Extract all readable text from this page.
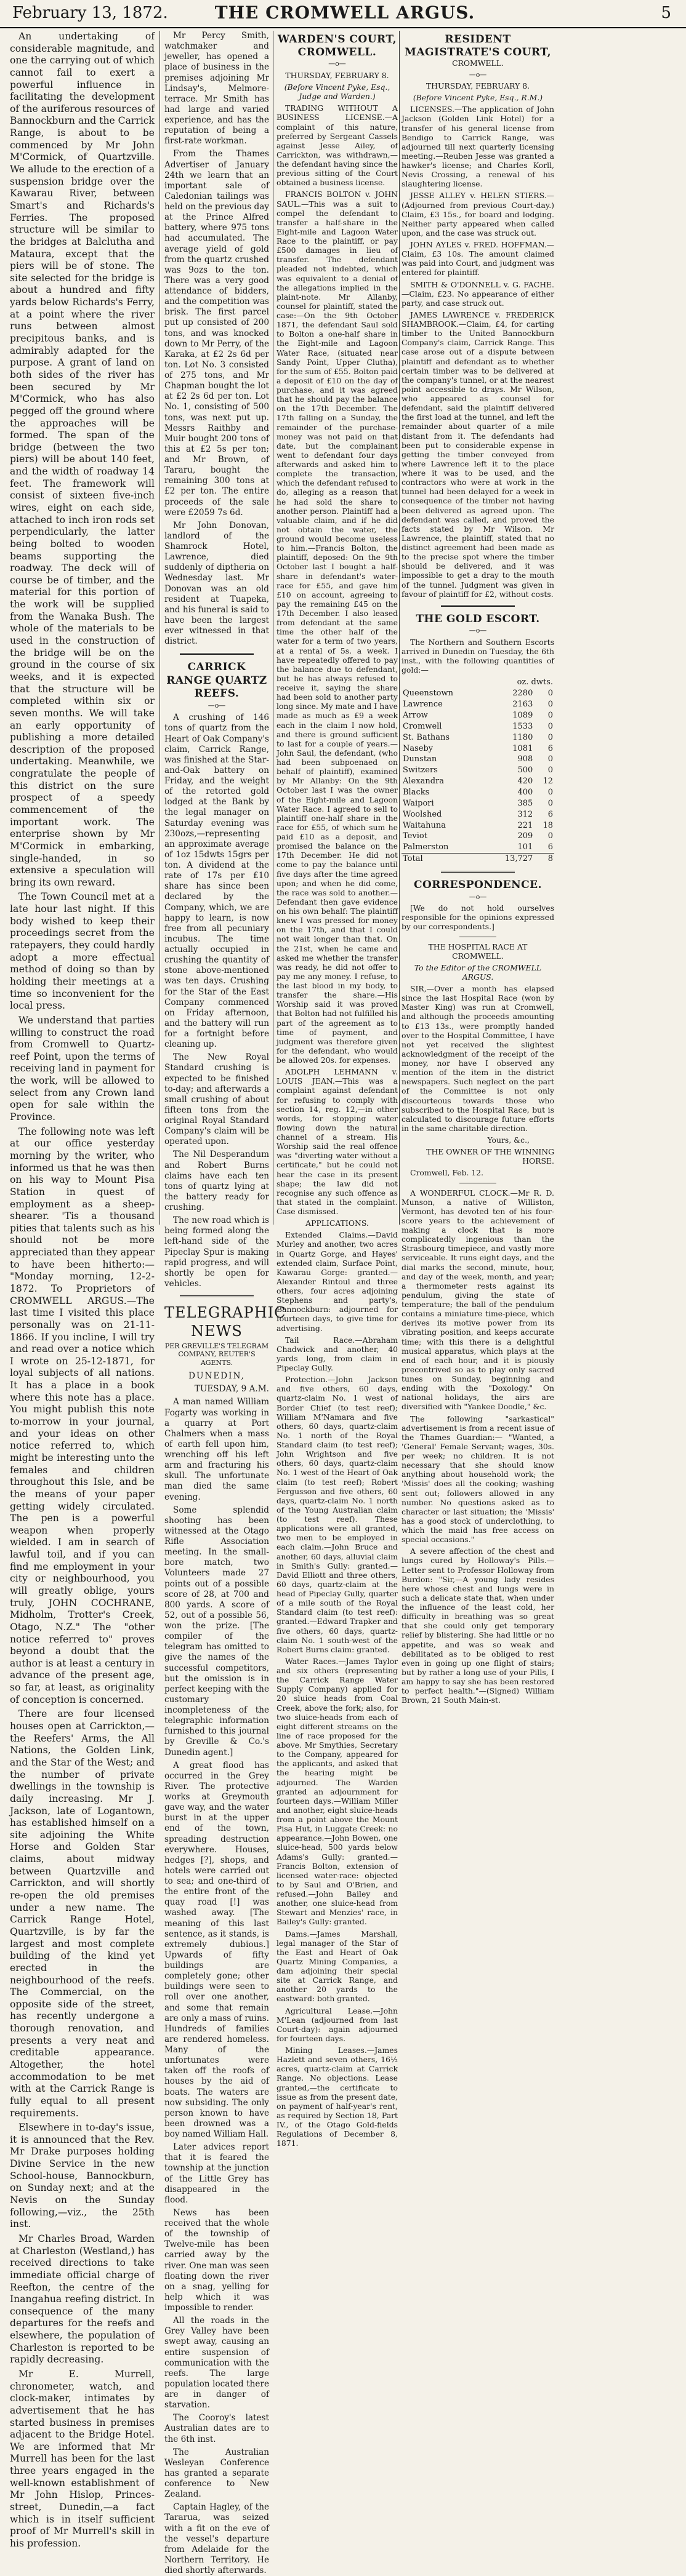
February 13, 1872.	THE CROMWELL ARGUS.	5

An undertaking of considerable magnitude, and one the carrying out of which cannot fail to exert a powerful influence in facilitating the development of the auriferous resources of Bannockburn and the Carrick Range, is about to be commenced by Mr John M'Cormick, of Quartzville. We allude to the erection of a suspension bridge over the Kawarau River, between Smart's and Richards's Ferries. The proposed structure will be similar to the bridges at Balclutha and Mataura, except that the piers will be of stone. The site selected for the bridge is about a hundred and fifty yards below Richards's Ferry, at a point where the river runs between almost precipitous banks, and is admirably adapted for the purpose. A grant of land on both sides of the river has been secured by Mr M'Cormick, who has also pegged off the ground where the approaches will be formed. The span of the bridge (between the two piers) will be about 140 feet, and the width of roadway 14 feet. The framework will consist of sixteen five-inch wires, eight on each side, attached to inch iron rods set perpendicularly, the latter being bolted to wooden beams supporting the roadway. The deck will of course be of timber, and the material for this portion of the work will be supplied from the Wanaka Bush. The whole of the materials to be used in the construction of the bridge will be on the ground in the course of six weeks, and it is expected that the structure will be completed within six or seven months. We will take an early opportunity of publishing a more detailed description of the proposed undertaking. Meanwhile, we congratulate the people of this district on the sure prospect of a speedy commencement of the important work. The enterprise shown by Mr M'Cormick in embarking, single-handed, in so extensive a speculation will bring its own reward.

The Town Council met at a late hour last night. If this body wished to keep their proceedings secret from the ratepayers, they could hardly adopt a more effectual method of doing so than by holding their meetings at a time so inconvenient for the local press.

We understand that parties willing to construct the road from Cromwell to Quartz-reef Point, upon the terms of receiving land in payment for the work, will be allowed to select from any Crown land open for sale within the Province.

The following note was left at our office yesterday morning by the writer, who informed us that he was then on his way to Mount Pisa Station in quest of employment as a sheep-shearer. 'Tis a thousand pities that talents such as his should not be more appreciated than they appear to have been hitherto:— "Monday morning, 12-2-1872. To Proprietors of CROMWELL ARGUS.—The last time I visited this place personally was on 21-11-1866. If you incline, I will try and read over a notice which I wrote on 25-12-1871, for loyal subjects of all nations. It has a place in a book where this note has a place. You might publish this note to-morrow in your journal, and your ideas on other notice referred to, which might be interesting unto the females and children throughout this Isle, and be the means of your paper getting widely circulated. The pen is a powerful weapon when properly wielded. I am in search of lawful toil, and if you can find me employment in your city or neighbourhood, you will greatly oblige, yours truly, JOHN COCHRANE, Midholm, Trotter's Creek, Otago, N.Z." The "other notice referred to" proves beyond a doubt that the author is at least a century in advance of the present age, so far, at least, as originality of conception is concerned.

There are four licensed houses open at Carrickton,—the Reefers' Arms, the All Nations, the Golden Link, and the Star of the West; and the number of private dwellings in the township is daily increasing. Mr J. Jackson, late of Logantown, has established himself on a site adjoining the White Horse and Golden Star claims, about midway between Quartzville and Carrickton, and will shortly re-open the old premises under a new name. The Carrick Range Hotel, Quartzville, is by far the largest and most complete building of the kind yet erected in the neighbourhood of the reefs. The Commercial, on the opposite side of the street, has recently undergone a thorough renovation, and presents a very neat and creditable appearance. Altogether, the hotel accommodation to be met with at the Carrick Range is fully equal to all present requirements.

Elsewhere in to-day's issue, it is announced that the Rev. Mr Drake purposes holding Divine Service in the new School-house, Bannockburn, on Sunday next; and at the Nevis on the Sunday following,—viz., the 25th inst.

Mr Charles Broad, Warden at Charleston (Westland,) has received directions to take immediate official charge of Reefton, the centre of the Inangahua reefing district. In consequence of the many departures for the reefs and elsewhere, the population of Charleston is reported to be rapidly decreasing.

Mr E. Murrell, chronometer, watch, and clock-maker, intimates by advertisement that he has started business in premises adjacent to the Bridge Hotel. We are informed that Mr Murrell has been for the last three years engaged in the well-known establishment of Mr John Hislop, Princes-street, Dunedin,—a fact which is in itself sufficient proof of Mr Murrell's skill in his profession.

Mr Percy Smith, watchmaker and jeweller, has opened a place of business in the premises adjoining Mr Lindsay's, Melmore-terrace. Mr Smith has had large and varied experience, and has the reputation of being a first-rate workman.

From the Thames Advertiser of January 24th we learn that an important sale of Caledonian tailings was held on the previous day at the Prince Alfred battery, where 975 tons had accumulated. The average yield of gold from the quartz crushed was 9ozs to the ton. There was a very good attendance of bidders, and the competition was brisk. The first parcel put up consisted of 200 tons, and was knocked down to Mr Perry, of the Karaka, at £2 2s 6d per ton. Lot No. 3 consisted of 275 tons, and Mr Chapman bought the lot at £2 2s 6d per ton. Lot No. 1, consisting of 500 tons, was next put up. Messrs Raithby and Muir bought 200 tons of this at £2 5s per ton; and Mr Brown, of Tararu, bought the remaining 300 tons at £2 per ton. The entire proceeds of the sale were £2059 7s 6d.

Mr John Donovan, landlord of the Shamrock Hotel, Lawrence, died suddenly of diptheria on Wednesday last. Mr Donovan was an old resident at Tuapeka, and his funeral is said to have been the largest ever witnessed in that district.

CARRICK RANGE QUARTZ REEFS.

—o—

A crushing of 146 tons of quartz from the Heart of Oak Company's claim, Carrick Range, was finished at the Star-and-Oak battery on Friday, and the weight of the retorted gold lodged at the Bank by the legal manager on Saturday evening was 230ozs,—representing an approximate average of 1oz 15dwts 15grs per ton. A dividend at the rate of 17s per £10 share has since been declared by the Company, which, we are happy to learn, is now free from all pecuniary incubus. The time actually occupied in crushing the quantity of stone above-mentioned was ten days. Crushing for the Star of the East Company commenced on Friday afternoon, and the battery will run for a fortnight before cleaning up.

The New Royal Standard crushing is expected to be finished to-day; and afterwards a small crushing of about fifteen tons from the original Royal Standard Company's claim will be operated upon.

The Nil Desperandum and Robert Burns claims have each ten tons of quartz lying at the battery ready for crushing.

The new road which is being formed along the left-hand side of the Pipeclay Spur is making rapid progress, and will shortly be open for vehicles.

TELEGRAPHIC NEWS

PER GREVILLE'S TELEGRAM COMPANY, REUTER'S AGENTS.

DUNEDIN,

TUESDAY, 9 A.M.

A man named William Fogarty was working in a quarry at Port Chalmers when a mass of earth fell upon him, wrenching off his left arm and fracturing his skull. The unfortunate man died the same evening.

Some splendid shooting has been witnessed at the Otago Rifle Association meeting. In the small-bore match, two Volunteers made 27 points out of a possible score of 28, at 700 and 800 yards. A score of 52, out of a possible 56, won the prize. [The compiler of the telegram has omitted to give the names of the successful competitors, but the omission is in perfect keeping with the customary incompleteness of the telegraphic information furnished to this journal by Greville & Co.'s Dunedin agent.]

A great flood has occurred in the Grey River. The protective works at Greymouth gave way, and the water burst in at the upper end of the town, spreading destruction everywhere. Houses, hedges [?], shops, and hotels were carried out to sea; and one-third of the entire front of the quay road [!] was washed away. [The meaning of this last sentence, as it stands, is extremely dubious.] Upwards of fifty buildings are completely gone; other buildings were seen to roll over one another, and some that remain are only a mass of ruins. Hundreds of families are rendered homeless. Many of the unfortunates were taken off the roofs of houses by the aid of boats. The waters are now subsiding. The only person known to have been drowned was a boy named William Hall.

Later advices report that it is feared the township at the junction of the Little Grey has disappeared in the flood.

News has been received that the whole of the township of Twelve-mile has been carried away by the river. One man was seen floating down the river on a snag, yelling for help which it was impossible to render.

All the roads in the Grey Valley have been swept away, causing an entire suspension of communication with the reefs. The large population located there are in danger of starvation.

The Cooroy's latest Australian dates are to the 6th inst.

The Australian Wesleyan Conference has granted a separate conference to New Zealand.

Captain Hagley, of the Tararua, was seized with a fit on the eve of the vessel's departure from Adelaide for the Northern Territory. He died shortly afterwards.

WARDEN'S COURT, CROMWELL.

—o—

THURSDAY, FEBRUARY 8.

(Before Vincent Pyke, Esq., Judge and Warden.)

TRADING WITHOUT A BUSINESS LICENSE.—A complaint of this nature, preferred by Sergeant Cassels against Jesse Ailey, of Carrickton, was withdrawn,—the defendant having since the previous sitting of the Court obtained a business license.

FRANCIS BOLTON v. JOHN SAUL.—This was a suit to compel the defendant to transfer a half-share in the Eight-mile and Lagoon Water Race to the plaintiff, or pay £500 damages in lieu of transfer. The defendant pleaded not indebted, which was equivalent to a denial of the allegations implied in the plaint-note. Mr Allanby, counsel for plaintiff, stated the case:—On the 9th October 1871, the defendant Saul sold to Bolton a one-half share in the Eight-mile and Lagoon Water Race, (situated near Sandy Point, Upper Clutha), for the sum of £55. Bolton paid a deposit of £10 on the day of purchase, and it was agreed that he should pay the balance on the 17th December. The 17th falling on a Sunday, the remainder of the purchase-money was not paid on that date, but the complainant went to defendant four days afterwards and asked him to complete the transaction, which the defendant refused to do, alleging as a reason that he had sold the share to another person. Plaintiff had a valuable claim, and if he did not obtain the water, the ground would become useless to him.—Francis Bolton, the plaintiff, deposed: On the 9th October last I bought a half-share in defendant's water-race for £55, and gave him £10 on account, agreeing to pay the remaining £45 on the 17th December. I also leased from defendant at the same time the other half of the water for a term of two years, at a rental of 5s. a week. I have repeatedly offered to pay the balance due to defendant, but he has always refused to receive it, saying the share had been sold to another party long since. My mate and I have made as much as £9 a week each in the claim I now hold, and there is ground sufficient to last for a couple of years.—John Saul, the defendant, (who had been subpoenaed on behalf of plaintiff), examined by Mr Allanby: On the 9th October last I was the owner of the Eight-mile and Lagoon Water Race. I agreed to sell to plaintiff one-half share in the race for £55, of which sum he paid £10 as a deposit, and promised the balance on the 17th December. He did not come to pay the balance until five days after the time agreed upon; and when he did come, the race was sold to another.—Defendant then gave evidence on his own behalf: The plaintiff knew I was pressed for money on the 17th, and that I could not wait longer than that. On the 21st, when he came and asked me whether the transfer was ready, he did not offer to pay me any money. I refuse, to the last blood in my body, to transfer the share.—His Worship said it was proved that Bolton had not fulfilled his part of the agreement as to time of payment, and judgment was therefore given for the defendant, who would be allowed 20s. for expenses.

ADOLPH LEHMANN v. LOUIS JEAN.—This was a complaint against defendant for refusing to comply with section 14, reg. 12,—in other words, for stopping water flowing down the natural channel of a stream. His Worship said the real offence was "diverting water without a certificate," but he could not hear the case in its present shape; the law did not recognise any such offence as that stated in the complaint. Case dismissed.

APPLICATIONS.

Extended Claims.—David Murley and another, two acres in Quartz Gorge, and Hayes' extended claim, Surface Point, Kawarau Gorge: granted.—Alexander Rintoul and three others, four acres adjoining Stephens and party's, Bannockburn: adjourned for fourteen days, to give time for advertising.

Tail Race.—Abraham Chadwick and another, 40 yards long, from claim in Pipeclay Gully.

Protection.—John Jackson and five others, 60 days, quartz-claim No. 1 west of Border Chief (to test reef); William M'Namara and five others, 60 days, quartz-claim No. 1 north of the Royal Standard claim (to test reef); John Wrightson and five others, 60 days, quartz-claim No. 1 west of the Heart of Oak claim (to test reef); Robert Fergusson and five others, 60 days, quartz-claim No. 1 north of the Young Australian claim (to test reef). These applications were all granted, two men to be employed in each claim.—John Bruce and another, 60 days, alluvial claim in Smith's Gully: granted.—David Elliott and three others, 60 days, quartz-claim at the head of Pipeclay Gully, quarter of a mile south of the Royal Standard claim (to test reef): granted.—Edward Trapker and five others, 60 days, quartz-claim No. 1 south-west of the Robert Burns claim: granted.

Water Races.—James Taylor and six others (representing the Carrick Range Water Supply Company) applied for 20 sluice heads from Coal Creek, above the fork; also, for two sluice-heads from each of eight different streams on the line of race proposed for the above. Mr Smythies, Secretary to the Company, appeared for the applicants, and asked that the hearing might be adjourned. The Warden granted an adjournment for fourteen days.—William Miller and another, eight sluice-heads from a point above the Mount Pisa Hut, in Luggate Creek: no appearance.—John Bowen, one sluice-head, 500 yards below Adams's Gully: granted.—Francis Bolton, extension of licensed water-race: objected to by Saul and O'Brien, and refused.—John Bailey and another, one sluice-head from Stewart and Menzies' race, in Bailey's Gully: granted.

Dams.—James Marshall, legal manager of the Star of the East and Heart of Oak Quartz Mining Companies, a dam adjoining their special site at Carrick Range, and another 20 yards to the eastward: both granted.

Agricultural Lease.—John M'Lean (adjourned from last Court-day): again adjourned for fourteen days.

Mining Leases.—James Hazlett and seven others, 16½ acres, quartz-claim at Carrick Range. No objections. Lease granted,—the certificate to issue as from the present date, on payment of half-year's rent, as required by Section 18, Part IV., of the Otago Gold-fields Regulations of December 8, 1871.

RESIDENT MAGISTRATE'S COURT,

CROMWELL.

—o—

THURSDAY, FEBRUARY 8.

(Before Vincent Pyke, Esq., R.M.)

LICENSES.—The application of John Jackson (Golden Link Hotel) for a transfer of his general license from Bendigo to Carrick Range, was adjourned till next quarterly licensing meeting.—Reuben Jesse was granted a hawker's license; and Charles Korll, Nevis Crossing, a renewal of his slaughtering license.

JESSE ALLEY v. HELEN STIERS.—(Adjourned from previous Court-day.) Claim, £3 15s., for board and lodging. Neither party appeared when called upon, and the case was struck out.

JOHN AYLES v. FRED. HOFFMAN.—Claim, £3 10s. The amount claimed was paid into Court, and judgment was entered for plaintiff.

SMITH & O'DONNELL v. G. FACHE.—Claim, £23. No appearance of either party, and case struck out.

JAMES LAWRENCE v. FREDERICK SHAMBROOK.—Claim, £4, for carting timber to the United Bannockburn Company's claim, Carrick Range. This case arose out of a dispute between plaintiff and defendant as to whether certain timber was to be delivered at the company's tunnel, or at the nearest point accessible to drays. Mr Wilson, who appeared as counsel for defendant, said the plaintiff delivered the first load at the tunnel, and left the remainder about quarter of a mile distant from it. The defendants had been put to considerable expense in getting the timber conveyed from where Lawrence left it to the place where it was to be used, and the contractors who were at work in the tunnel had been delayed for a week in consequence of the timber not having been delivered as agreed upon. The defendant was called, and proved the facts stated by Mr Wilson. Mr Lawrence, the plaintiff, stated that no distinct agreement had been made as to the precise spot where the timber should be delivered, and it was impossible to get a dray to the mouth of the tunnel. Judgment was given in favour of plaintiff for £2, without costs.

THE GOLD ESCORT.

—o—

The Northern and Southern Escorts arrived in Dunedin on Tuesday, the 6th inst., with the following quantities of gold:—

	oz. dwts.	
Queenstown	2280	0
Lawrence	2163	0
Arrow	1089	0
Cromwell	1533	0
St. Bathans	1180	0
Naseby	1081	6
Dunstan	908	0
Switzers	500	0
Alexandra	420	12
Blacks	400	0
Waipori	385	0
Woolshed	312	6
Waitahuna	221	18
Teviot	209	0
Palmerston	101	6
Total	13,727	8

CORRESPONDENCE.

—o—

[We do not hold ourselves responsible for the opinions expressed by our correspondents.]

THE HOSPITAL RACE AT CROMWELL.

To the Editor of the CROMWELL ARGUS.

SIR,—Over a month has elapsed since the last Hospital Race (won by Master King) was run at Cromwell, and although the proceeds amounting to £13 13s., were promptly handed over to the Hospital Committee, I have not yet received the slightest acknowledgment of the receipt of the money, nor have I observed any mention of the item in the district newspapers. Such neglect on the part of the Committee is not only discourteous towards those who subscribed to the Hospital Race, but is calculated to discourage future efforts in the same charitable direction.

Yours, &c.,

THE OWNER OF THE WINNING HORSE.

Cromwell, Feb. 12.

A WONDERFUL CLOCK.—Mr R. D. Munson, a native of Williston, Vermont, has devoted ten of his four-score years to the achievement of making a clock that is more complicatedly ingenious than the Strasbourg timepiece, and vastly more serviceable. It runs eight days, and the dial marks the second, minute, hour, and day of the week, month, and year; a thermometer rests against its pendulum, giving the state of temperature; the ball of the pendulum contains a miniature time-piece, which derives its motive power from its vibrating position, and keeps accurate time; with this there is a delightful musical apparatus, which plays at the end of each hour, and it is piously precontrived so as to play only sacred tunes on Sunday, beginning and ending with the "Doxology." On national holidays, the airs are diversified with "Yankee Doodle," &c.

The following "sarkastical" advertisement is from a recent issue of the Thames Guardian:— "Wanted, a 'General' Female Servant; wages, 30s. per week; no children. It is not necessary that she should know anything about household work; the 'Missis' does all the cooking; washing sent out; followers allowed in any number. No questions asked as to character or last situation; the 'Missis' has a good stock of underclothing, to which the maid has free access on special occasions."

A severe affection of the chest and lungs cured by Holloway's Pills.—Letter sent to Professor Holloway from Burdon: "Sir,—A young lady resides here whose chest and lungs were in such a delicate state that, when under the influence of the least cold, her difficulty in breathing was so great that she could only get temporary relief by blistering. She had little or no appetite, and was so weak and debilitated as to be obliged to rest even in going up one flight of stairs; but by rather a long use of your Pills, I am happy to say she has been restored to perfect health."—(Signed) William Brown, 21 South Main-st.
